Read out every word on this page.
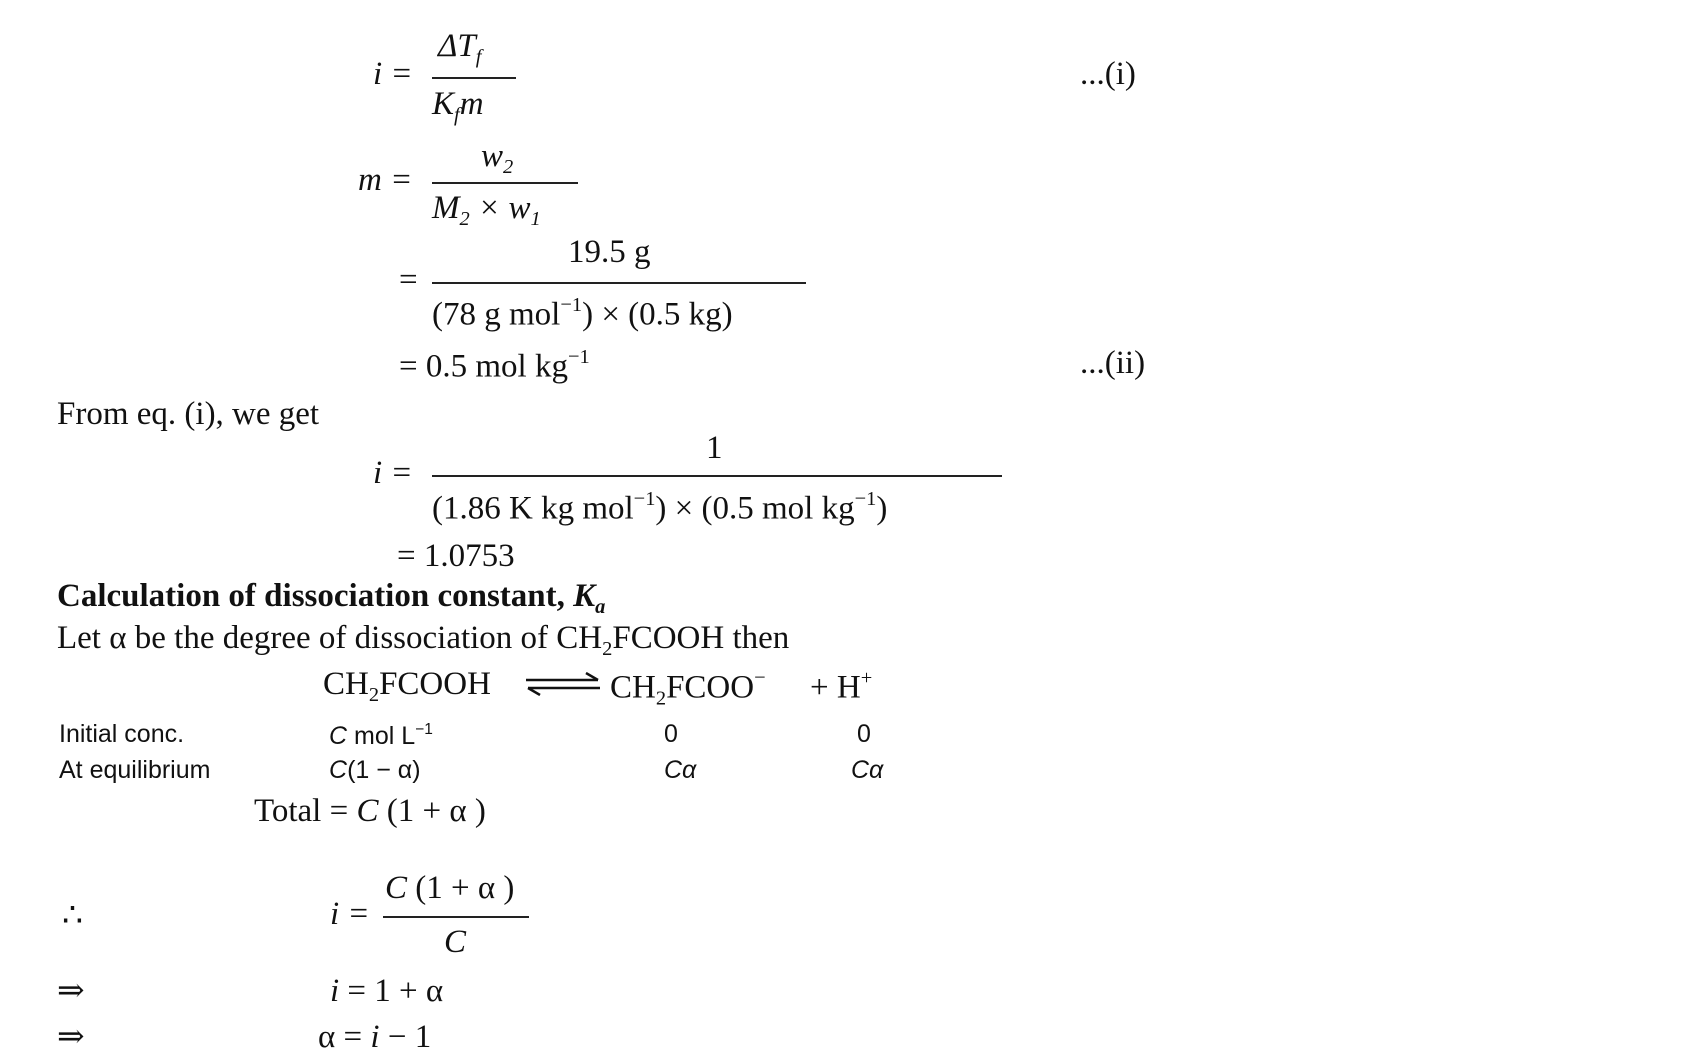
i =
$\Delta T_f$
$K_fm$
...(i)
m =
$w_2$
$M_2 \times w_1$
=
19.5 g
(78 g mol$^{-1}$) × (0.5 kg)
= 0.5 mol $kg^{-1}$	...(ii)
From eq. (i), we get
i =
1
(1.86 K kg mol$^{-1}$) × (0.5 mol $kg^{-1}$)
= 1.0753
Calculation of dissociation constant, $K_a$
Let α be the degree of dissociation of $CH_2FCOOH$ then
$CH_2FCOOH$	$CH_2FCOO^- + H^+$
Initial conc.	C mol $L^{-1}$	0	0
At equilibrium	C(1 − α)	Cα	Cα
Total = C (1 + α )
∴	i =
C (1 + α )
C
⇒	i = 1 + α
⇒	α = i − 1
